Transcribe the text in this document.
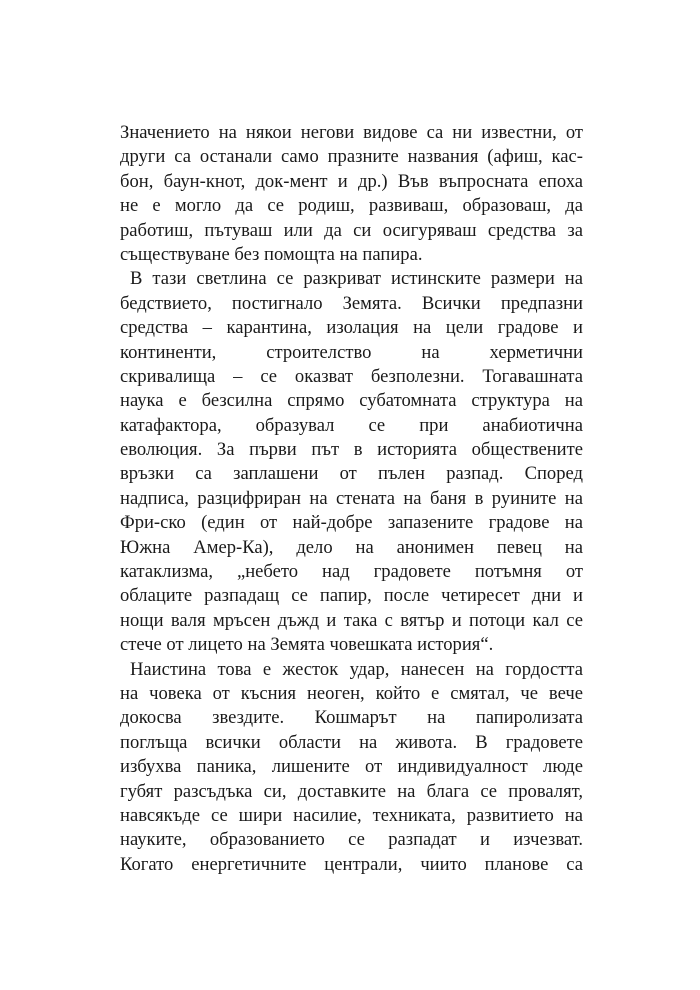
Значението на някои негови видове са ни известни, от
други са останали само празните названия (афиш, кас-
бон, баун-кнот, док-мент и др.) Във въпросната епоха
не е могло да се родиш, развиваш, образоваш, да
работиш, пътуваш или да си осигуряваш средства за
съществуване без помощта на папира.
В тази светлина се разкриват истинските размери на
бедствието, постигнало Земята. Всички предпазни
средства – карантина, изолация на цели градове и
континенти, строителство на херметични
скривалища – се оказват безполезни. Тогавашната
наука е безсилна спрямо субатомната структура на
катафактора, образувал се при анабиотична
еволюция. За първи път в историята обществените
връзки са заплашени от пълен разпад. Според
надписа, разцифриран на стената на баня в руините на
Фри-ско (един от най-добре запазените градове на
Южна Амер-Ка), дело на анонимен певец на
катаклизма, „небето над градовете потъмня от
облаците разпадащ се папир, после четиресет дни и
нощи валя мръсен дъжд и така с вятър и потоци кал се
стече от лицето на Земята човешката история“.
Наистина това е жесток удар, нанесен на гордостта
на човека от късния неоген, който е смятал, че вече
докосва звездите. Кошмарът на папиролизата
поглъща всички области на живота. В градовете
избухва паника, лишените от индивидуалност люде
губят разсъдъка си, доставките на блага се провалят,
навсякъде се шири насилие, техниката, развитието на
науките, образованието се разпадат и изчезват.
Когато енергетичните централи, чиито планове са
